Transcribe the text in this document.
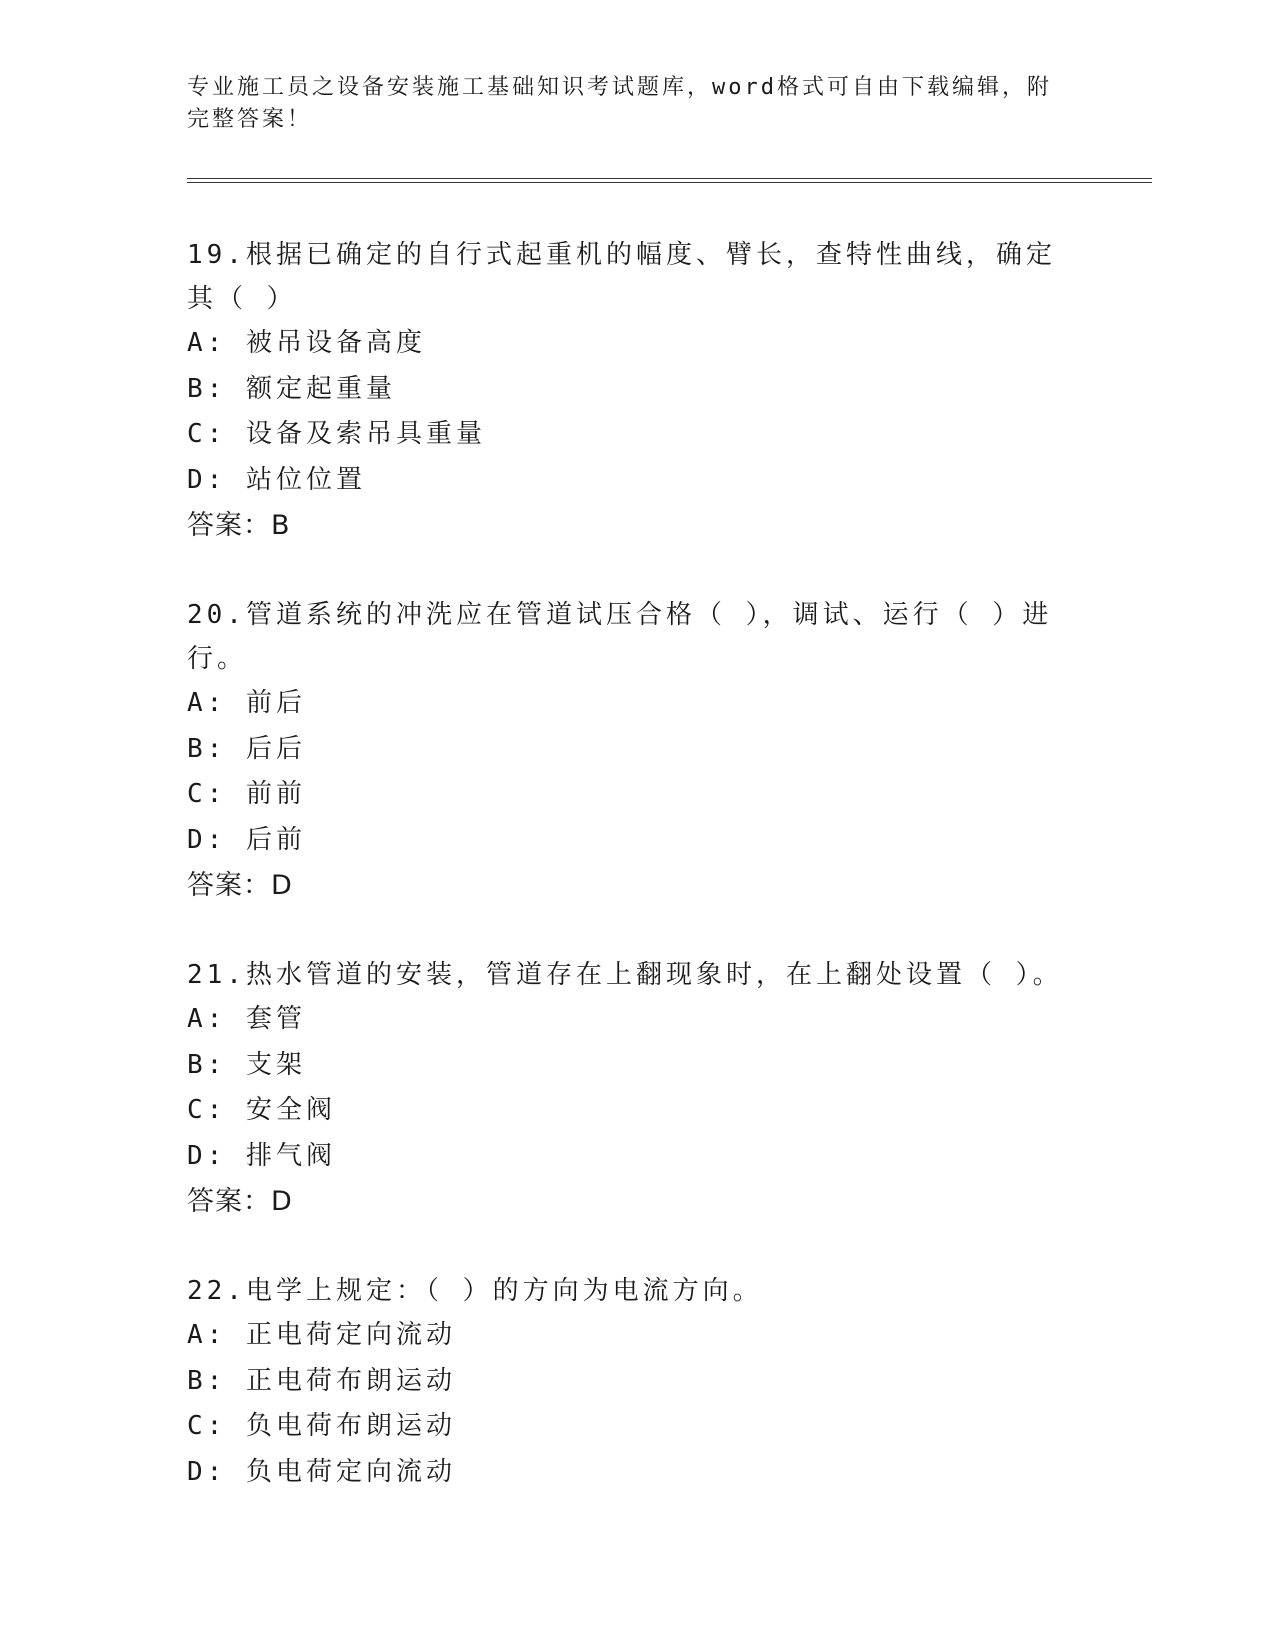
专业施工员之设备安装施工基础知识考试题库，word格式可自由下载编辑，附完整答案！

19.根据已确定的自行式起重机的幅度、臂长，查特性曲线，确定其（ ）

A: 被吊设备高度

B: 额定起重量

C: 设备及索吊具重量

D: 站位位置

答案：B

20.管道系统的冲洗应在管道试压合格（ ），调试、运行（ ）进行。

A: 前后

B: 后后

C: 前前

D: 后前

答案：D

21.热水管道的安装，管道存在上翻现象时，在上翻处设置（ ）。

A: 套管

B: 支架

C: 安全阀

D: 排气阀

答案：D

22.电学上规定：（ ）的方向为电流方向。

A: 正电荷定向流动

B: 正电荷布朗运动

C: 负电荷布朗运动

D: 负电荷定向流动
